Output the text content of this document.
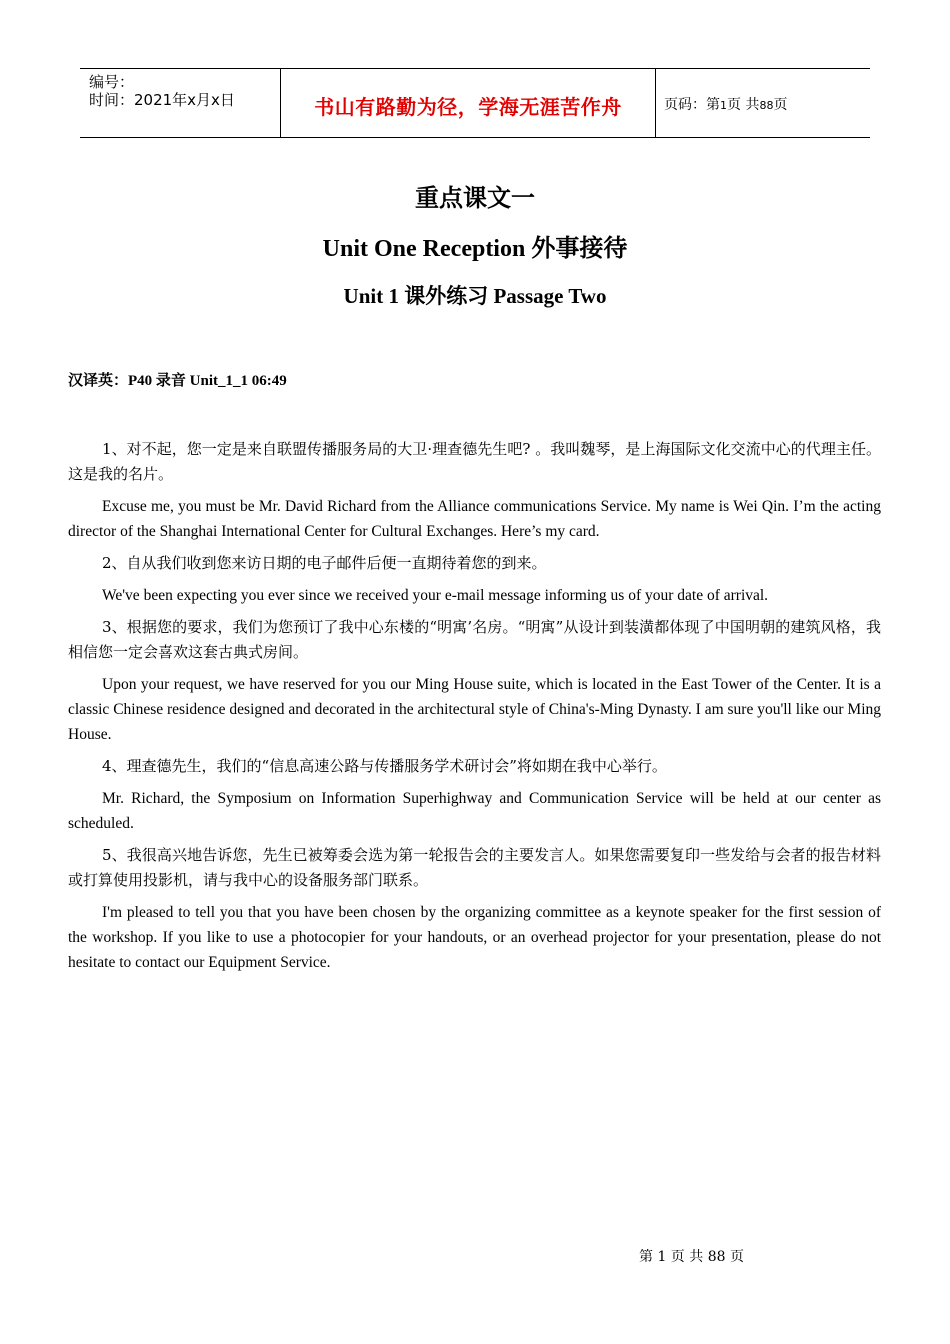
编号：
时间：2021年x月x日	书山有路勤为径，学海无涯苦作舟	页码：第1页 共88页
重点课文一
Unit One Reception 外事接待
Unit 1 课外练习 Passage Two
汉译英：P40 录音 Unit_1_1 06:49

1、对不起，您一定是来自联盟传播服务局的大卫·理查德先生吧? 。我叫魏琴，是上海国际文化交流中心的代理主任。这是我的名片。

Excuse me, you must be Mr. David Richard from the Alliance communications Service. My name is Wei Qin. I’m the acting director of the Shanghai International Center for Cultural Exchanges. Here’s my card.

2、自从我们收到您来访日期的电子邮件后便一直期待着您的到来。

We've been expecting you ever since we received your e-mail message informing us of your date of arrival.

3、根据您的要求，我们为您预订了我中心东楼的“明寓’名房。“明寓”从设计到装潢都体现了中国明朝的建筑风格，我相信您一定会喜欢这套古典式房间。

Upon your request, we have reserved for you our Ming House suite, which is located in the East Tower of the Center. It is a classic Chinese residence designed and decorated in the architectural style of China's-Ming Dynasty. I am sure you'll like our Ming House.

4、理查德先生，我们的“信息高速公路与传播服务学术研讨会”将如期在我中心举行。

Mr. Richard, the Symposium on Information Superhighway and Communication Service will be held at our center as scheduled.

5、我很高兴地告诉您，先生已被筹委会选为第一轮报告会的主要发言人。如果您需要复印一些发给与会者的报告材料或打算使用投影机，请与我中心的设备服务部门联系。

I'm pleased to tell you that you have been chosen by the organizing committee as a keynote speaker for the first session of the workshop. If you like to use a photocopier for your handouts, or an overhead projector for your presentation, please do not hesitate to contact our Equipment Service.

第 1 页 共 88 页
